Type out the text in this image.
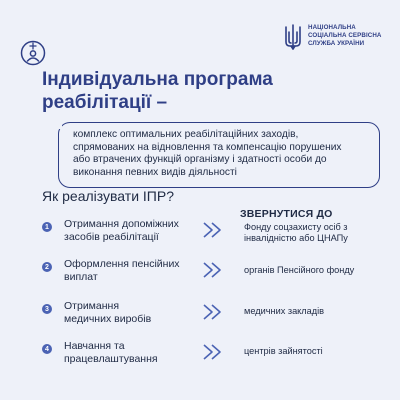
НАЦІОНАЛЬНА
СОЦІАЛЬНА СЕРВІСНА
СЛУЖБА УКРАЇНИ
Індивідуальна програма
реабілітації –

комплекс оптимальних реабілітаційних заходів,

спрямованих на відновлення та компенсацію порушених

або втрачених функцій організму і здатності особи до

виконання певних видів діяльності

Як реалізувати ІПР?
ЗВЕРНУТИСЯ ДО
1 Отримання допоміжних
засобів реабілітації
Фонду соцзахисту осіб з
інвалідністю або ЦНАПу
2 Оформлення пенсійних
виплат
органів Пенсійного фонду
3 Отримання
медичних виробів
медичних закладів
4 Навчання та
працевлаштування
центрів зайнятості
